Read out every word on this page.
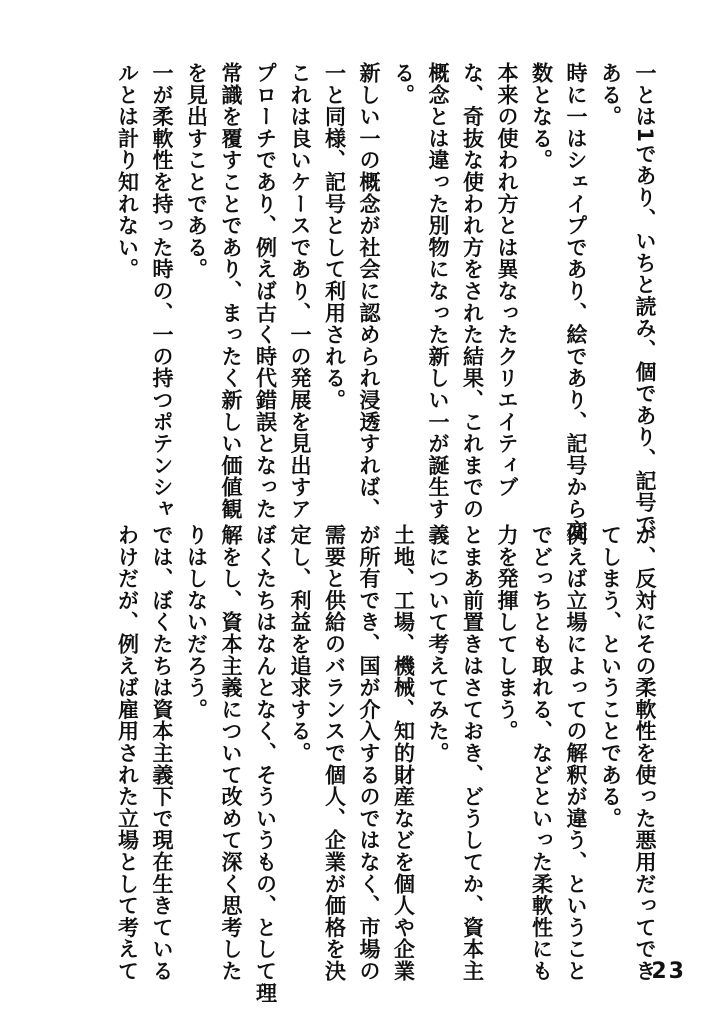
一とは1であり、いちと読み、個であり、記号で
ある。
時に一はシェイプであり、絵であり、記号から変
数となる。
本来の使われ方とは異なったクリエイティブ
な、奇抜な使われ方をされた結果、これまでの
概念とは違った別物になった新しい一が誕生す
る。
新しい一の概念が社会に認められ浸透すれば、
一と同様、記号として利用される。
これは良いケースであり、一の発展を見出すア
プローチであり、例えば古く時代錯誤となった
常識を覆すことであり、まったく新しい価値観
を見出すことである。
一が柔軟性を持った時の、一の持つポテンシャ
ルとは計り知れない。
が、反対にその柔軟性を使った悪用だってでき
てしまう、ということである。
例えば立場によっての解釈が違う、ということ
でどっちとも取れる、などといった柔軟性にも
力を発揮してしまう。
とまあ前置きはさておき、どうしてか、資本主
義について考えてみた。
土地、工場、機械、知的財産などを個人や企業
が所有でき、国が介入するのではなく、市場の
需要と供給のバランスで個人、企業が価格を決
定し、利益を追求する。
ぼくたちはなんとなく、そういうもの、として理
解をし、資本主義について改めて深く思考した
りはしないだろう。
では、ぼくたちは資本主義下で現在生きている
わけだが、例えば雇用された立場として考えて	23
